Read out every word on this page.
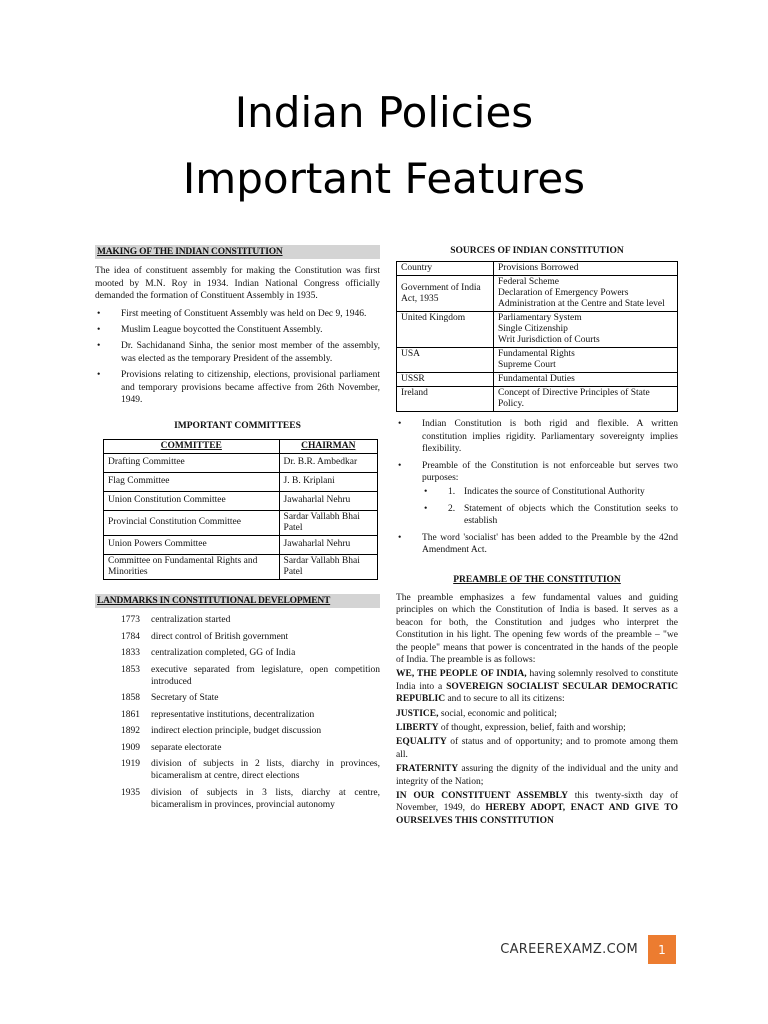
Indian Policies
Important Features
MAKING OF THE INDIAN CONSTITUTION

The idea of constituent assembly for making the Constitution was first mooted by M.N. Roy in 1934. Indian National Congress officially demanded the formation of Constituent Assembly in 1935.

• First meeting of Constituent Assembly was held on Dec 9, 1946.
• Muslim League boycotted the Constituent Assembly.
• Dr. Sachidanand Sinha, the senior most member of the assembly, was elected as the temporary President of the assembly.
• Provisions relating to citizenship, elections, provisional parliament and temporary provisions became affective from 26th November, 1949.
IMPORTANT COMMITTEES
COMMITTEE	CHAIRMAN
Drafting Committee	Dr. B.R. Ambedkar
Flag Committee	J. B. Kriplani
Union Constitution Committee	Jawaharlal Nehru
Provincial Constitution Committee	Sardar Vallabh Bhai Patel
Union Powers Committee	Jawaharlal Nehru
Committee on Fundamental Rights and Minorities	Sardar Vallabh Bhai Patel
LANDMARKS IN CONSTITUTIONAL DEVELOPMENT
1773	centralization started
1784	direct control of British government
1833	centralization completed, GG of India
1853	executive separated from legislature, open competition introduced
1858	Secretary of State
1861	representative institutions, decentralization
1892	indirect election principle, budget discussion
1909	separate electorate
1919	division of subjects in 2 lists, diarchy in provinces, bicameralism at centre, direct elections
1935	division of subjects in 3 lists, diarchy at centre, bicameralism in provinces, provincial autonomy
SOURCES OF INDIAN CONSTITUTION
Country	Provisions Borrowed
Government of India Act, 1935	Federal Scheme
Declaration of Emergency Powers
Administration at the Centre and State level

United Kingdom	Parliamentary System
Single Citizenship
Writ Jurisdiction of Courts

USA	Fundamental Rights
Supreme Court

USSR	Fundamental Duties

Ireland	Concept of Directive Principles of State Policy.
• Indian Constitution is both rigid and flexible. A written constitution implies rigidity. Parliamentary sovereignty implies flexibility.
• Preamble of the Constitution is not enforceable but serves two purposes:
• 1. Indicates the source of Constitutional Authority
• 2. Statement of objects which the Constitution seeks to establish
• The word 'socialist' has been added to the Preamble by the 42nd Amendment Act.
PREAMBLE OF THE CONSTITUTION

The preamble emphasizes a few fundamental values and guiding principles on which the Constitution of India is based. It serves as a beacon for both, the Constitution and judges who interpret the Constitution in his light. The opening few words of the preamble – "we the people" means that power is concentrated in the hands of the people of India. The preamble is as follows:

WE, THE PEOPLE OF INDIA, having solemnly resolved to constitute India into a SOVEREIGN SOCIALIST SECULAR DEMOCRATIC REPUBLIC and to secure to all its citizens:

JUSTICE, social, economic and political;

LIBERTY of thought, expression, belief, faith and worship;

EQUALITY of status and of opportunity; and to promote among them all.

FRATERNITY assuring the dignity of the individual and the unity and integrity of the Nation;

IN OUR CONSTITUENT ASSEMBLY this twenty-sixth day of November, 1949, do HEREBY ADOPT, ENACT AND GIVE TO OURSELVES THIS CONSTITUTION

CAREEREXAMZ.COM	1
